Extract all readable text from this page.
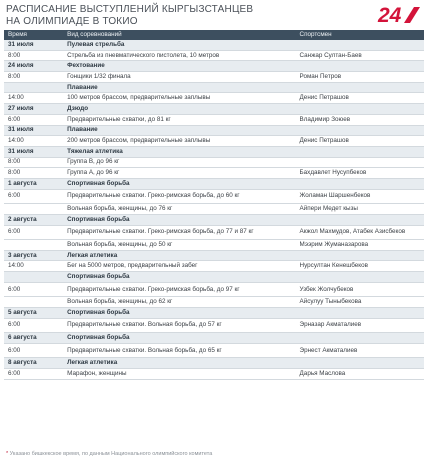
РАСПИСАНИЕ ВЫСТУПЛЕНИЙ КЫРГЫЗСТАНЦЕВ
НА ОЛИМПИАДЕ В ТОКИО	24
Время	Вид соревнований	Спортсмен
31 июля	Пулевая стрельба	
8:00	Стрельба из пневматического пистолета, 10 метров	Санжар Султан-Баев
24 июля	Фехтование	
8:00	Гонщики 1/32 финала	Роман Петров
	Плавание	
14:00	100 метров брассом, предварительные заплывы	Денис Петрашов
27 июля	Дзюдо	
6:00	Предварительные схватки, до 81 кг	Владимир Зоюев
31 июля	Плавание	
14:00	200 метров брассом, предварительные заплывы	Денис Петрашов
31 июля	Тяжелая атлетика	
8:00	Группа В, до 96 кг	
8:00	Группа А, до 96 кг	Бахдавлет Нусупбеков
1 августа	Спортивная борьба	
6:00	Предварительные схватки. Греко-римская борьба, до 60 кг	Жоламан Шаршенбеков
	Вольная борьба, женщины, до 76 кг	Айпери Медет кызы
2 августа	Спортивная борьба	
6:00	Предварительные схватки. Греко-римская борьба, до 77 и 87 кг	Акжол Махмудов, Атабек Азисбеков
	Вольная борьба, женщины, до 50 кг	Мээрим Жуманазарова
3 августа	Легкая атлетика	
14:00	Бег на 5000 метров, предварительный забег	Нурсултан Кенешбеков
	Спортивная борьба	
6:00	Предварительные схватки. Греко-римская борьба, до 97 кг	Узбек Жолчубеков
	Вольная борьба, женщины, до 62 кг	Айсулуу Тыныбекова
5 августа	Спортивная борьба	
6:00	Предварительные схватки. Вольная борьба, до 57 кг	Эрназар Акматалиев
6 августа	Спортивная борьба	
6:00	Предварительные схватки. Вольная борьба, до 65 кг	Эрнест Акматалиев
8 августа	Легкая атлетика	
6:00	Марафон, женщины	Дарья Маслова
* Указано бишкекское время, по данным Национального олимпийского комитета
